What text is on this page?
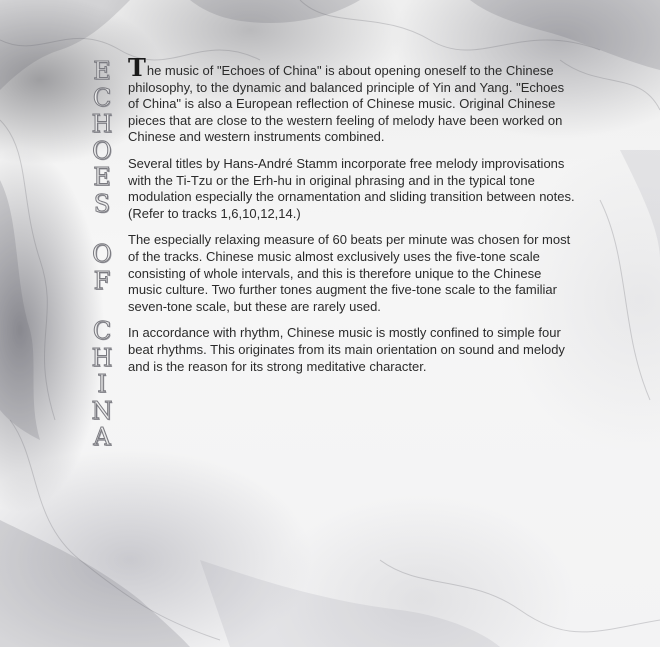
E
C
H
O
E
S
O
F
C
H
I
N
A

The music of "Echoes of China" is about opening oneself to the Chinese philosophy, to the dynamic and balanced principle of Yin and Yang. "Echoes of China" is also a European reflection of Chinese music. Original Chinese pieces that are close to the western feeling of melody have been worked on Chinese and western instruments combined.

Several titles by Hans-André Stamm incorporate free melody improvisations with the Ti-Tzu or the Erh-hu in original phrasing and in the typical tone modulation especially the ornamentation and sliding transition between notes. (Refer to tracks 1,6,10,12,14.)

The especially relaxing measure of 60 beats per minute was chosen for most of the tracks. Chinese music almost exclusively uses the five-tone scale consisting of whole intervals, and this is therefore unique to the Chinese music culture. Two further tones augment the five-tone scale to the familiar seven-tone scale, but these are rarely used.

In accordance with rhythm, Chinese music is mostly confined to simple four beat rhythms. This originates from its main orientation on sound and melody and is the reason for its strong meditative character.
